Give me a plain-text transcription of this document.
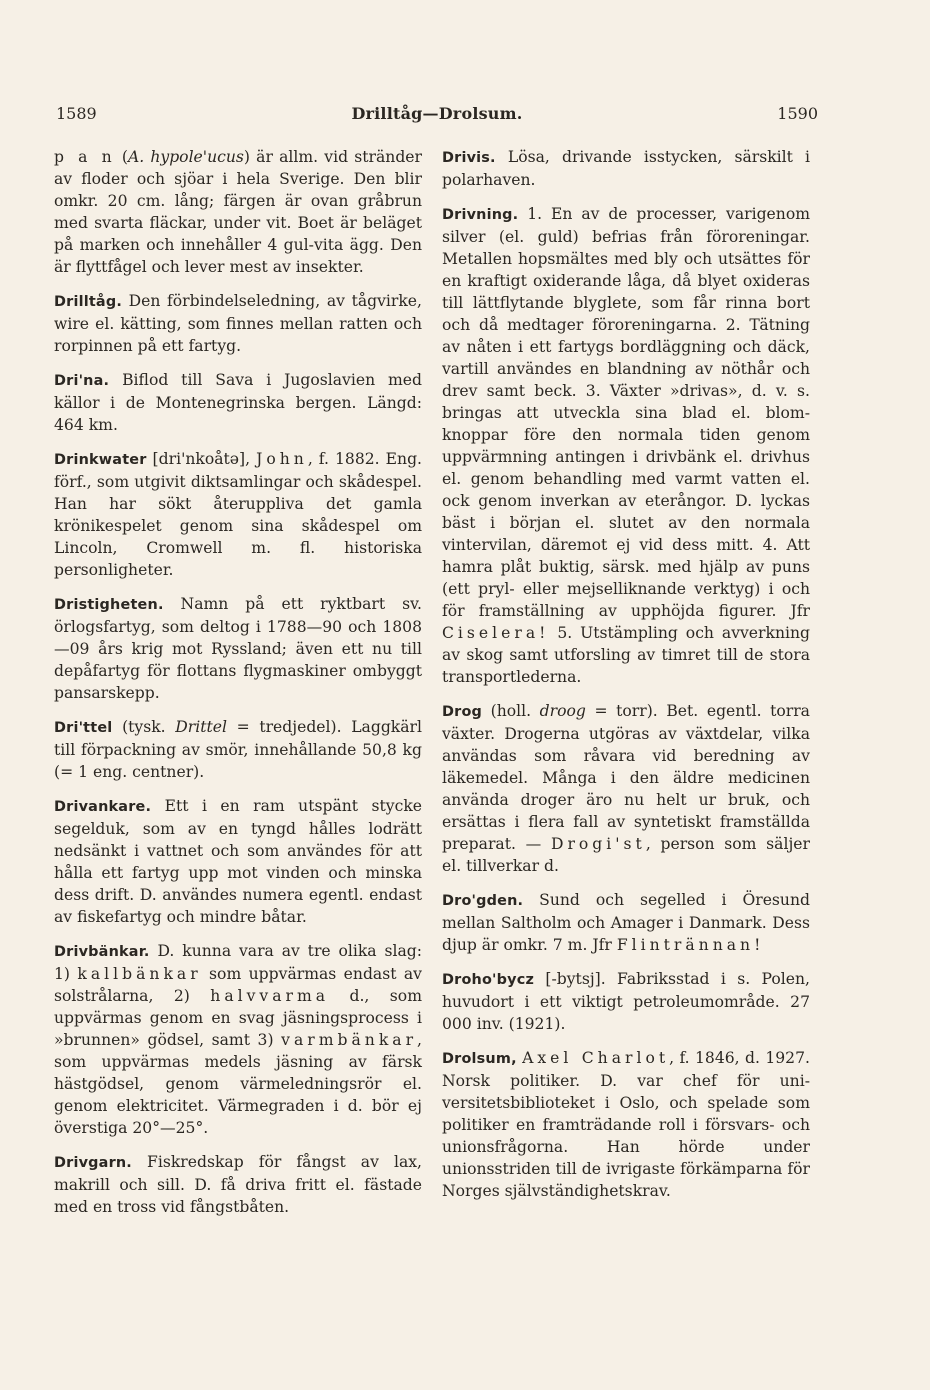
1589	Drilltåg—Drolsum.	1590

p a n (A. hypole'ucus) är allm. vid stränder av floder och sjöar i hela Sverige. Den blir omkr. 20 cm. lång; färgen är ovan gråbrun med svarta fläckar, under vit. Boet är beläget på marken och innehåller 4 gul-vita ägg. Den är flyttfågel och lever mest av insekter.

Drilltåg. Den förbindelseledning, av tågvirke, wire el. kätting, som finnes mellan ratten och rorpinnen på ett fartyg.

Dri'na. Biflod till Sava i Jugoslavien med källor i de Montenegrinska bergen. Längd: 464 km.

Drinkwater [dri'nkoåtə], John, f. 1882. Eng. förf., som utgivit diktsamlingar och skådespel. Han har sökt återuppliva det gamla krönikespelet genom sina skådespel om Lincoln, Cromwell m. fl. historiska personligheter.

Dristigheten. Namn på ett ryktbart sv. örlogsfartyg, som deltog i 1788—90 och 1808—09 års krig mot Ryssland; även ett nu till depåfartyg för flottans flygmaskiner ombyggt pansarskepp.

Dri'ttel (tysk. Drittel = tredjedel). Laggkärl till förpackning av smör, innehållande 50,8 kg (= 1 eng. centner).

Drivankare. Ett i en ram utspänt stycke segelduk, som av en tyngd hålles lodrätt nedsänkt i vattnet och som användes för att hålla ett fartyg upp mot vinden och minska dess drift. D. användes numera egentl. endast av fiskefartyg och mindre båtar.

Drivbänkar. D. kunna vara av tre olika slag: 1) kallbänkar som uppvärmas endast av solstrålarna, 2) halvvarma d., som uppvärmas genom en svag jäsningsprocess i »brunnen» gödsel, samt 3) varmbänkar, som uppvärmas medels jäsning av färsk hästgödsel, genom värmeledningsrör el. genom elektricitet. Värmegraden i d. bör ej överstiga 20°—25°.

Drivgarn. Fiskredskap för fångst av lax, makrill och sill. D. få driva fritt el. fästade med en tross vid fångstbåten.

Drivis. Lösa, drivande isstycken, särskilt i polarhaven.

Drivning. 1. En av de processer, varigenom silver (el. guld) befrias från föroreningar. Metallen hopsmältes med bly och utsättes för en kraftigt oxiderande låga, då blyet oxideras till lättflytande blyglete, som får rinna bort och då medtager föroreningarna. 2. Tätning av nåten i ett fartygs bordläggning och däck, vartill användes en blandning av nöthår och drev samt beck. 3. Växter »drivas», d. v. s. bringas att utveckla sina blad el. blomknoppar före den normala tiden genom uppvärmning antingen i drivbänk el. drivhus el. genom behandling med varmt vatten el. ock genom inverkan av eterångor. D. lyckas bäst i början el. slutet av den normala vintervilan, däremot ej vid dess mitt. 4. Att hamra plåt buktig, särsk. med hjälp av puns (ett pryl- eller mejselliknande verktyg) i och för framställning av upphöjda figurer. Jfr Ciselera! 5. Utstämpling och avverkning av skog samt utforsling av timret till de stora transportlederna.

Drog (holl. droog = torr). Bet. egentl. torra växter. Drogerna utgöras av växtdelar, vilka användas som råvara vid beredning av läkemedel. Många i den äldre medicinen använda droger äro nu helt ur bruk, och ersättas i flera fall av syntetiskt framställda preparat. — Drogi'st, person som säljer el. tillverkar d.

Dro'gden. Sund och segelled i Öresund mellan Saltholm och Amager i Danmark. Dess djup är omkr. 7 m. Jfr Flintrännan!

Droho'bycz [-bytsj]. Fabriksstad i s. Polen, huvudort i ett viktigt petroleumområde. 27 000 inv. (1921).

Drolsum, Axel Charlot, f. 1846, d. 1927. Norsk politiker. D. var chef för universitetsbiblioteket i Oslo, och spelade som politiker en framträdande roll i försvars- och unionsfrågorna. Han hörde under unionsstriden till de ivrigaste förkämparna för Norges självständighetskrav.
